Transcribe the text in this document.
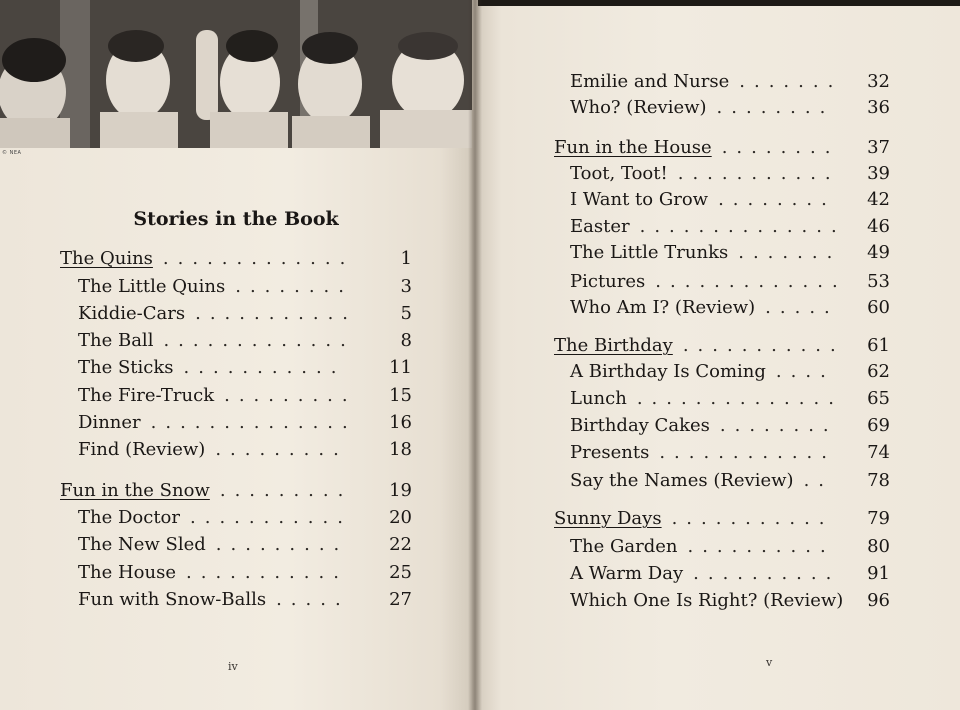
© NEA
Stories in the Book
The Quins .............	1
The Little Quins ........	3
Kiddie-Cars ........... 5
The Ball .............	8
The Sticks ........... 11
The Fire-Truck ......... 15
Dinner .............. 16
Find (Review) ......... 18
Fun in the Snow ......... 19
The Doctor ........... 20
The New Sled ......... 22
The House ........... 25
Fun with Snow-Balls ..... 27
iv
Emilie and Nurse ....... 32
Who? (Review) ........ 36
Fun in the House ........ 37
Toot, Toot! ........... 39
I Want to Grow ........ 42
Easter .............. 46
The Little Trunks ....... 49
Pictures ............. 53
Who Am I? (Review) ..... 60
The Birthday ........... 61
A Birthday Is Coming .... 62
Lunch .............. 65
Birthday Cakes ........ 69
Presents ............ 74
Say the Names (Review) .. 78
Sunny Days ........... 79
The Garden .......... 80
A Warm Day .......... 91
Which One Is Right? (Review) 96
v
